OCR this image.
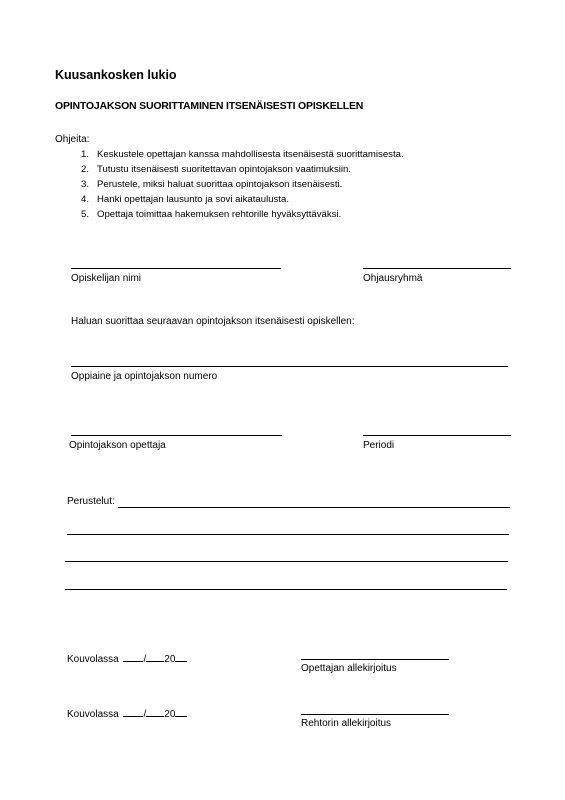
Kuusankosken lukio
OPINTOJAKSON SUORITTAMINEN ITSENÄISESTI OPISKELLEN
Ohjeita:
1. Keskustele opettajan kanssa mahdollisesta itsenäisestä suorittamisesta.
2. Tutustu itsenäisesti suoritettavan opintojakson vaatimuksiin.
3. Perustele, miksi haluat suorittaa opintojakson itsenäisesti.
4. Hanki opettajan lausunto ja sovi aikataulusta.
5. Opettaja toimittaa hakemuksen rehtorille hyväksyttäväksi.
Opiskelijan nimi	Ohjausryhmä
Haluan suorittaa seuraavan opintojakson itsenäisesti opiskellen:
Oppiaine ja opintojakson numero
Opintojakson opettaja	Periodi
Perustelut:
Kouvolassa / 20
Opettajan allekirjoitus
Kouvolassa / 20
Rehtorin allekirjoitus
